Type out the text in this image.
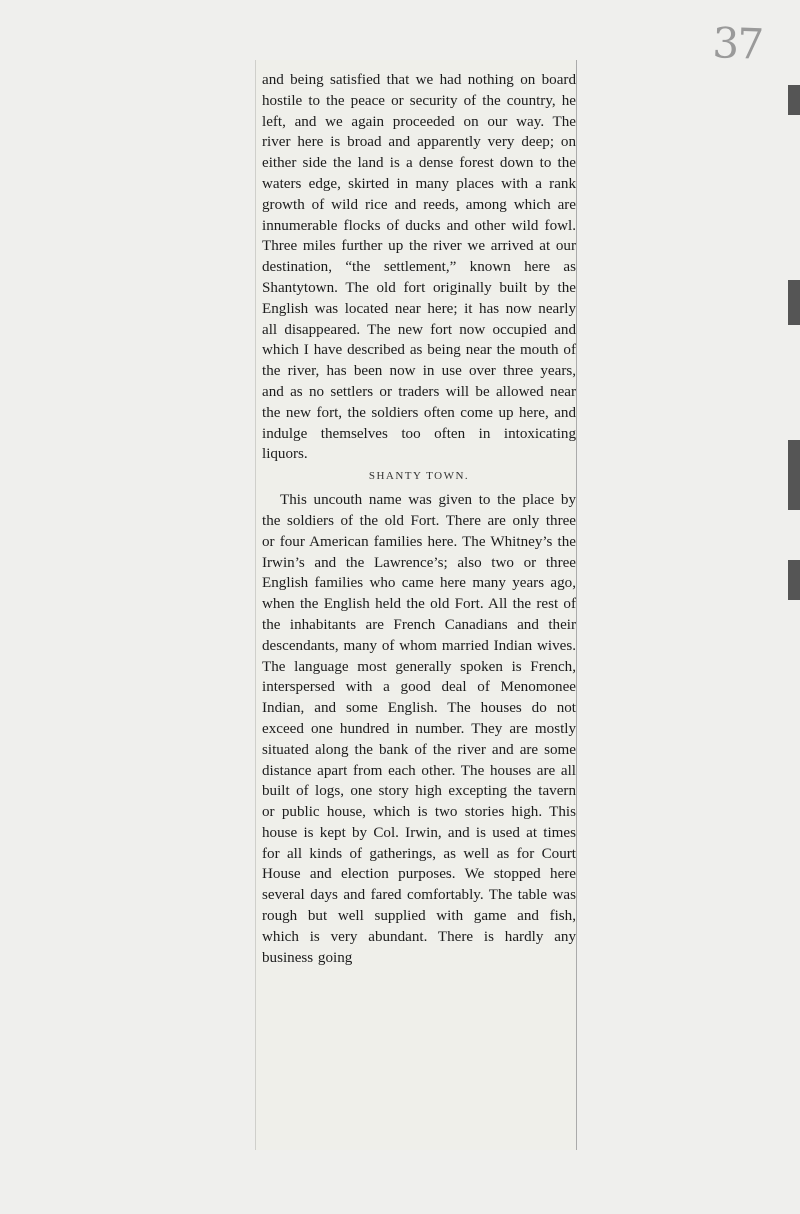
37

and being satisfied that we had nothing on board hostile to the peace or security of the country, he left, and we again proceeded on our way. The river here is broad and apparently very deep; on either side the land is a dense forest down to the waters edge, skirted in many places with a rank growth of wild rice and reeds, among which are innumerable flocks of ducks and other wild fowl. Three miles further up the river we arrived at our destination, “the settlement,” known here as Shantytown. The old fort originally built by the English was located near here; it has now nearly all disappeared. The new fort now occupied and which I have described as being near the mouth of the river, has been now in use over three years, and as no settlers or traders will be allowed near the new fort, the soldiers often come up here, and indulge themselves too often in intoxicating liquors.

SHANTY TOWN.

This uncouth name was given to the place by the soldiers of the old Fort. There are only three or four American families here. The Whitney’s the Irwin’s and the Lawrence’s; also two or three English families who came here many years ago, when the English held the old Fort. All the rest of the inhabitants are French Canadians and their descendants, many of whom married Indian wives. The language most generally spoken is French, interspersed with a good deal of Menomonee Indian, and some English. The houses do not exceed one hundred in number. They are mostly situated along the bank of the river and are some distance apart from each other. The houses are all built of logs, one story high excepting the tavern or public house, which is two stories high. This house is kept by Col. Irwin, and is used at times for all kinds of gatherings, as well as for Court House and election purposes. We stopped here several days and fared comfortably. The table was rough but well supplied with game and fish, which is very abundant. There is hardly any business going
